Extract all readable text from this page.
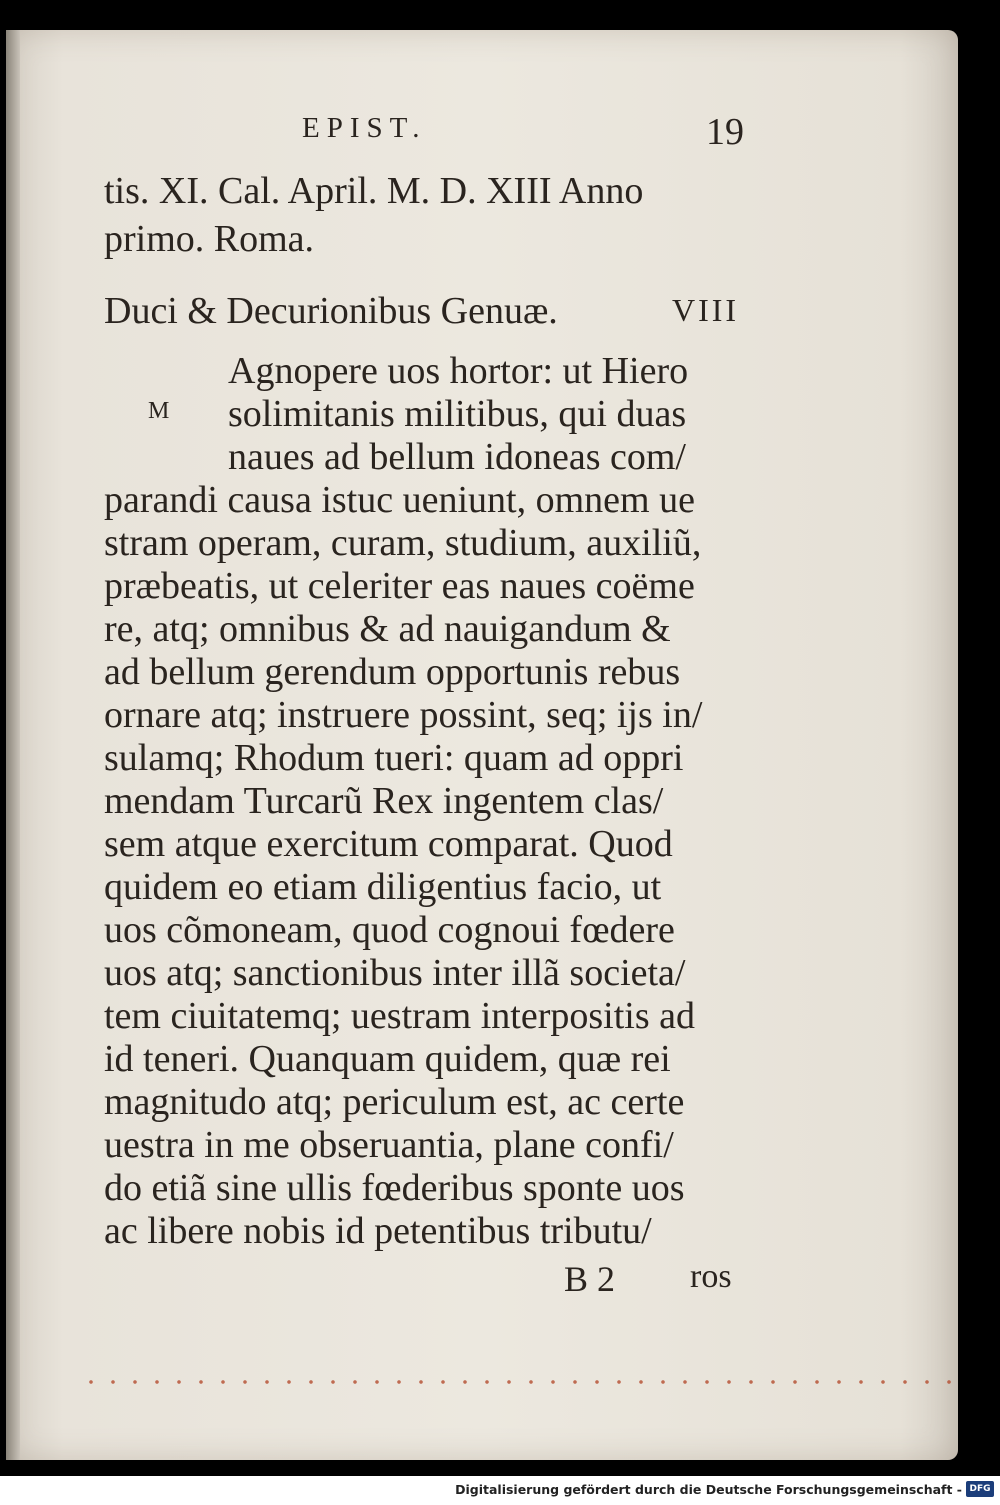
EPIST.	19
tis. XI. Cal. April. M. D. XIII Anno
primo. Roma.
Duci & Decurionibus Genuæ.	VIII
M
Agnopere uos hortor: ut Hiero
solimitanis militibus, qui duas
naues ad bellum idoneas com/
parandi causa istuc ueniunt, omnem ue
stram operam, curam, studium, auxiliũ,
præbeatis, ut celeriter eas naues coëme
re, atq; omnibus & ad nauigandum &
ad bellum gerendum opportunis rebus
ornare atq; instruere possint, seq; ijs in/
sulamq; Rhodum tueri: quam ad oppri
mendam Turcarũ Rex ingentem clas/
sem atque exercitum comparat. Quod
quidem eo etiam diligentius facio, ut
uos cõmoneam, quod cognoui fœdere
uos atq; sanctionibus inter illã societa/
tem ciuitatemq; uestram interpositis ad
id teneri. Quanquam quidem, quæ rei
magnitudo atq; periculum est, ac certe
uestra in me obseruantia, plane confi/
do etiã sine ullis fœderibus sponte uos
ac libere nobis id petentibus tributu/
B 2 ros
Digitalisierung gefördert durch die Deutsche Forschungsgemeinschaft - DFG
